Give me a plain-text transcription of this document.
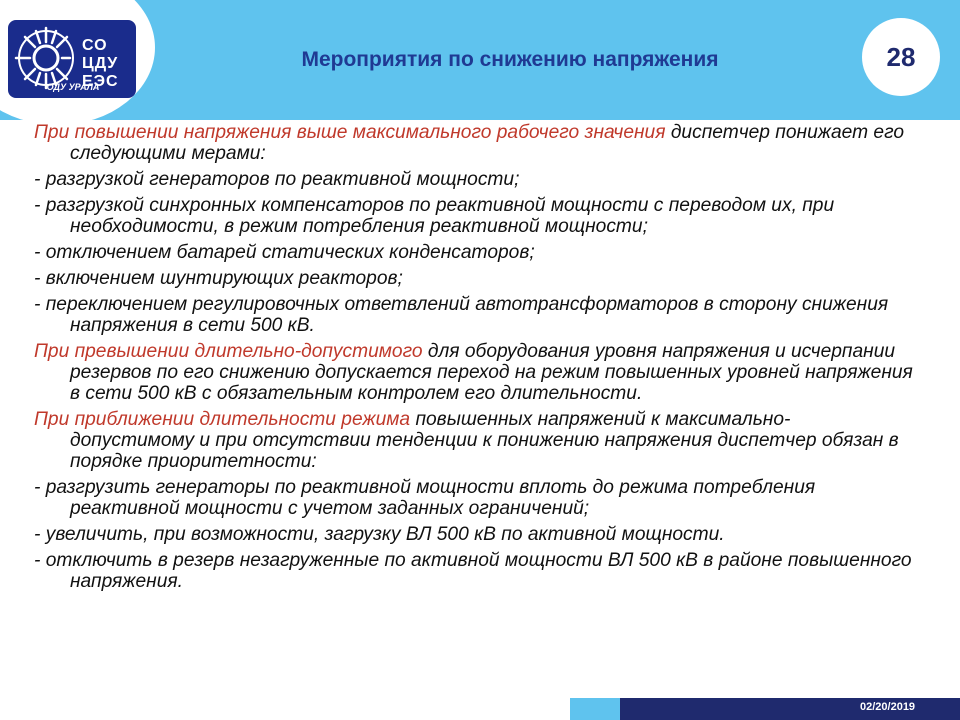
СО ЦДУ ЕЭС
ОДУ УРАЛА
Мероприятия по снижению напряжения	28

При повышении напряжения выше максимального рабочего значения диспетчер понижает его следующими мерами:

- разгрузкой генераторов по реактивной мощности;

- разгрузкой синхронных компенсаторов по реактивной мощности с переводом их, при необходимости, в режим потребления реактивной мощности;

- отключением батарей статических конденсаторов;

- включением шунтирующих реакторов;

- переключением регулировочных ответвлений автотрансформаторов в сторону снижения напряжения в сети 500 кВ.

При превышении длительно-допустимого для оборудования уровня напряжения и исчерпании резервов по его снижению допускается переход на режим повышенных уровней напряжения в сети 500 кВ с обязательным контролем его длительности.

При приближении длительности режима повышенных напряжений к максимально-допустимому и при отсутствии тенденции к понижению напряжения диспетчер обязан в порядке приоритетности:

- разгрузить генераторы по реактивной мощности вплоть до режима потребления реактивной мощности с учетом заданных ограничений;

- увеличить, при возможности, загрузку ВЛ 500 кВ по активной мощности.

- отключить в резерв незагруженные по активной мощности ВЛ 500 кВ в районе повышенного напряжения.

02/20/2019
